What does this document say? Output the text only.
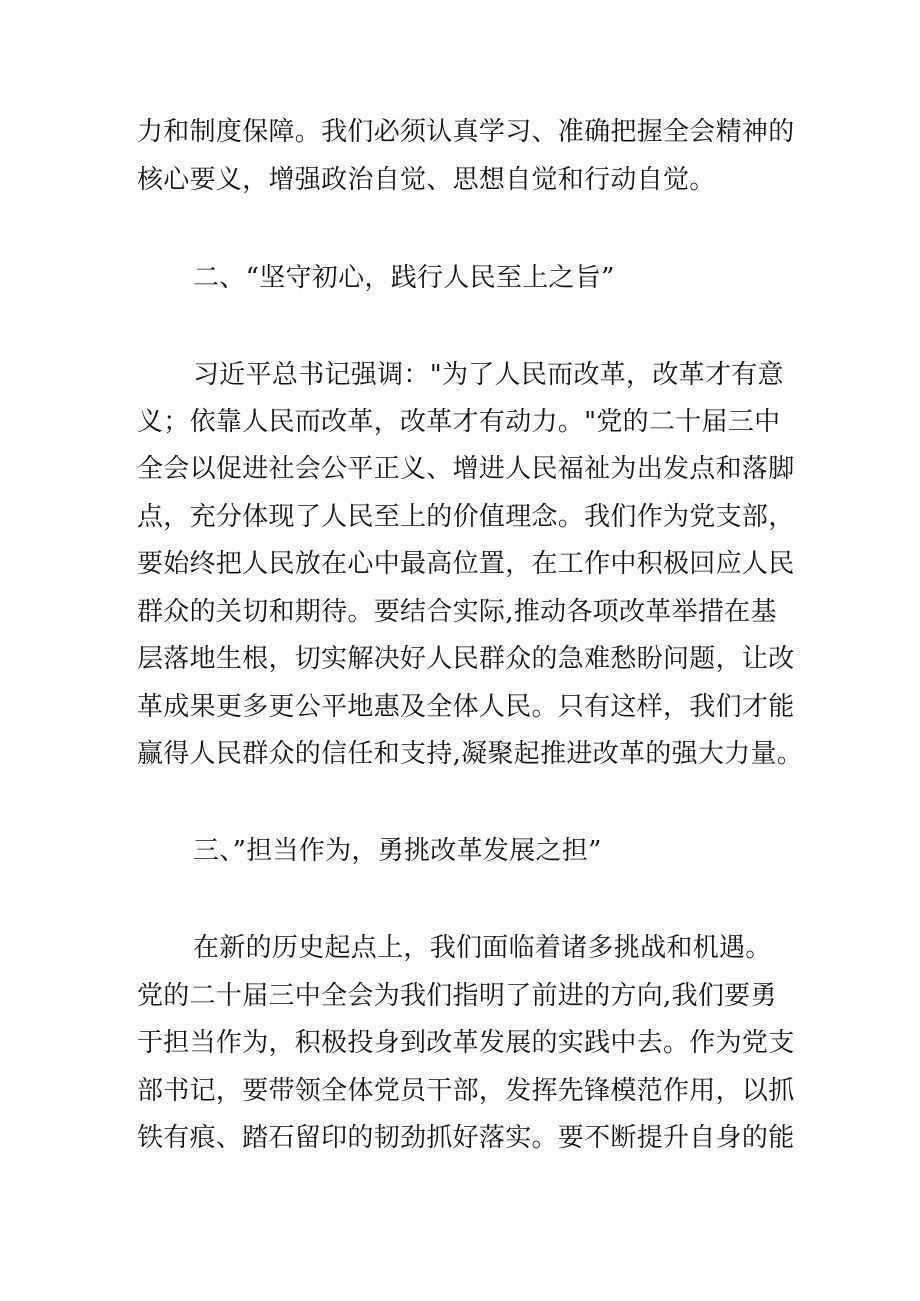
力和制度保障。我们必须认真学习、准确把握全会精神的
核心要义，增强政治自觉、思想自觉和行动自觉。
二、“坚守初心，践行人民至上之旨”
习近平总书记强调："为了人民而改革，改革才有意
义；依靠人民而改革，改革才有动力。"党的二十届三中
全会以促进社会公平正义、增进人民福祉为出发点和落脚
点，充分体现了人民至上的价值理念。我们作为党支部，
要始终把人民放在心中最高位置，在工作中积极回应人民
群众的关切和期待。要结合实际,推动各项改革举措在基
层落地生根，切实解决好人民群众的急难愁盼问题，让改
革成果更多更公平地惠及全体人民。只有这样，我们才能
赢得人民群众的信任和支持,凝聚起推进改革的强大力量。
三、”担当作为，勇挑改革发展之担”
在新的历史起点上，我们面临着诸多挑战和机遇。
党的二十届三中全会为我们指明了前进的方向,我们要勇
于担当作为，积极投身到改革发展的实践中去。作为党支
部书记，要带领全体党员干部，发挥先锋模范作用，以抓
铁有痕、踏石留印的韧劲抓好落实。要不断提升自身的能
